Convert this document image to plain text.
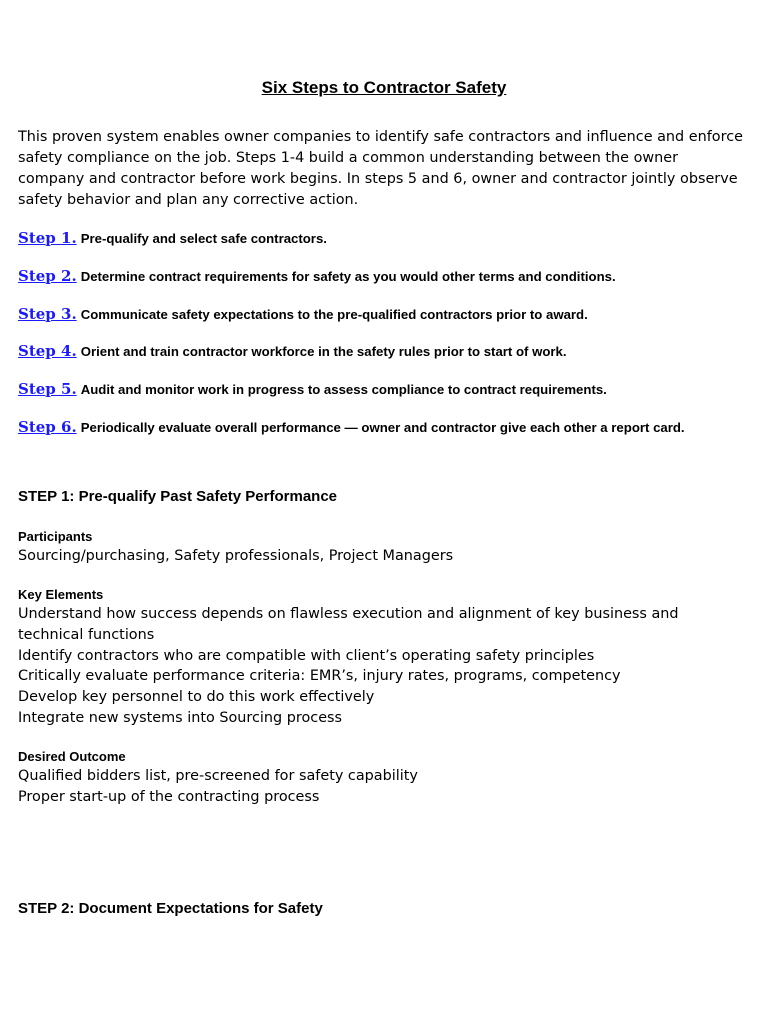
Six Steps to Contractor Safety

This proven system enables owner companies to identify safe contractors and influence and enforce safety compliance on the job. Steps 1-4 build a common understanding between the owner company and contractor before work begins. In steps 5 and 6, owner and contractor jointly observe safety behavior and plan any corrective action.

Step 1. Pre-qualify and select safe contractors.
Step 2. Determine contract requirements for safety as you would other terms and conditions.
Step 3. Communicate safety expectations to the pre-qualified contractors prior to award.
Step 4. Orient and train contractor workforce in the safety rules prior to start of work.
Step 5. Audit and monitor work in progress to assess compliance to contract requirements.
Step 6. Periodically evaluate overall performance — owner and contractor give each other a report card.
STEP 1: Pre-qualify Past Safety Performance
Participants

Sourcing/purchasing, Safety professionals, Project Managers

Key Elements
Understand how success depends on flawless execution and alignment of key business and technical functions
Identify contractors who are compatible with client’s operating safety principles
Critically evaluate performance criteria: EMR’s, injury rates, programs, competency
Develop key personnel to do this work effectively
Integrate new systems into Sourcing process
Desired Outcome
Qualified bidders list, pre-screened for safety capability
Proper start-up of the contracting process
STEP 2: Document Expectations for Safety
